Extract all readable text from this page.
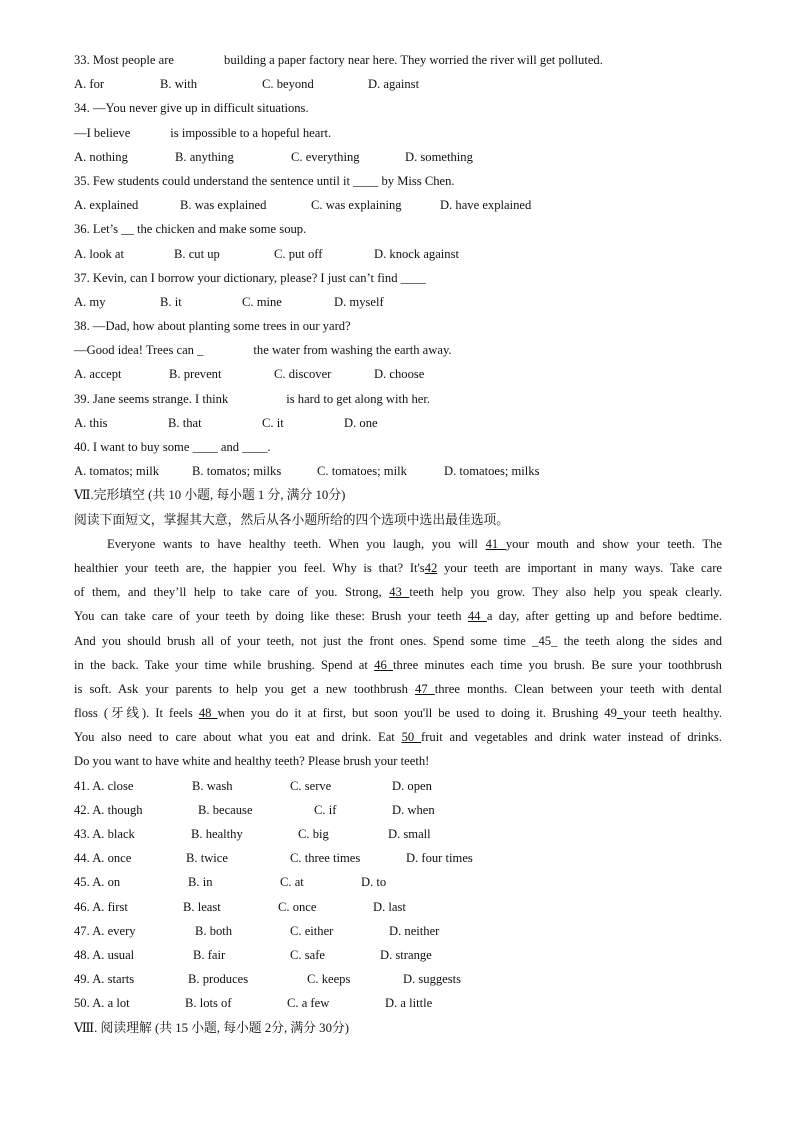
33. Most people are	building a paper factory near here. They worried the river will get polluted.
A. for	B. with	C. beyond	D. against
34. —You never give up in difficult situations.
—I believe	is impossible to a hopeful heart.
A. nothing	B. anything	C. everything	D. something
35. Few students could understand the sentence until it ____ by Miss Chen.
A. explained	B. was explained	C. was explaining	D. have explained
36. Let’s __ the chicken and make some soup.
A. look at	B. cut up	C. put off	D. knock against
37. Kevin, can I borrow your dictionary, please? I just can’t find ____
A. my	B. it	C. mine	D. myself
38. —Dad, how about planting some trees in our yard?
—Good idea! Trees can _	the water from washing the earth away.
A. accept	B. prevent	C. discover	D. choose
39. Jane seems strange. I think	is hard to get along with her.
A. this	B. that	C. it	D. one
40. I want to buy some ____ and ____.
A. tomatos; milk	B. tomatos; milks	C. tomatoes; milk	D. tomatoes; milks
Ⅶ.完形填空 (共 10 小题, 每小题 1 分, 满分 10分)
阅读下面短文，掌握其大意，然后从各小题所给的四个选项中选出最佳选项。
Everyone wants to have healthy teeth. When you laugh, you will 41 your mouth and show your teeth. The
healthier your teeth are, the happier you feel. Why is that? It's42 your teeth are important in many ways. Take care
of them, and they’ll help to take care of you. Strong, 43 teeth help you grow. They also help you speak clearly.
You can take care of your teeth by doing like these: Brush your teeth 44 a day, after getting up and before bedtime.
And you should brush all of your teeth, not just the front ones. Spend some time _45_ the teeth along the sides and
in the back. Take your time while brushing. Spend at 46 three minutes each time you brush. Be sure your toothbrush
is soft. Ask your parents to help you get a new toothbrush 47 three months. Clean between your teeth with dental
floss (牙线). It feels 48 when you do it at first, but soon you'll be used to doing it. Brushing 49 your teeth healthy.
You also need to care about what you eat and drink. Eat 50 fruit and vegetables and drink water instead of drinks.
Do you want to have white and healthy teeth? Please brush your teeth!
41. A. close	B. wash	C. serve	D. open
42. A. though	B. because	C. if	D. when
43. A. black	B. healthy	C. big	D. small
44. A. once	B. twice	C. three times	D. four times
45. A. on	B. in	C. at	D. to
46. A. first	B. least	C. once	D. last
47. A. every	B. both	C. either	D. neither
48. A. usual	B. fair	C. safe	D. strange
49. A. starts	B. produces	C. keeps	D. suggests
50. A. a lot	B. lots of	C. a few	D. a little
Ⅷ. 阅读理解 (共 15 小题, 每小题 2分, 满分 30分)
